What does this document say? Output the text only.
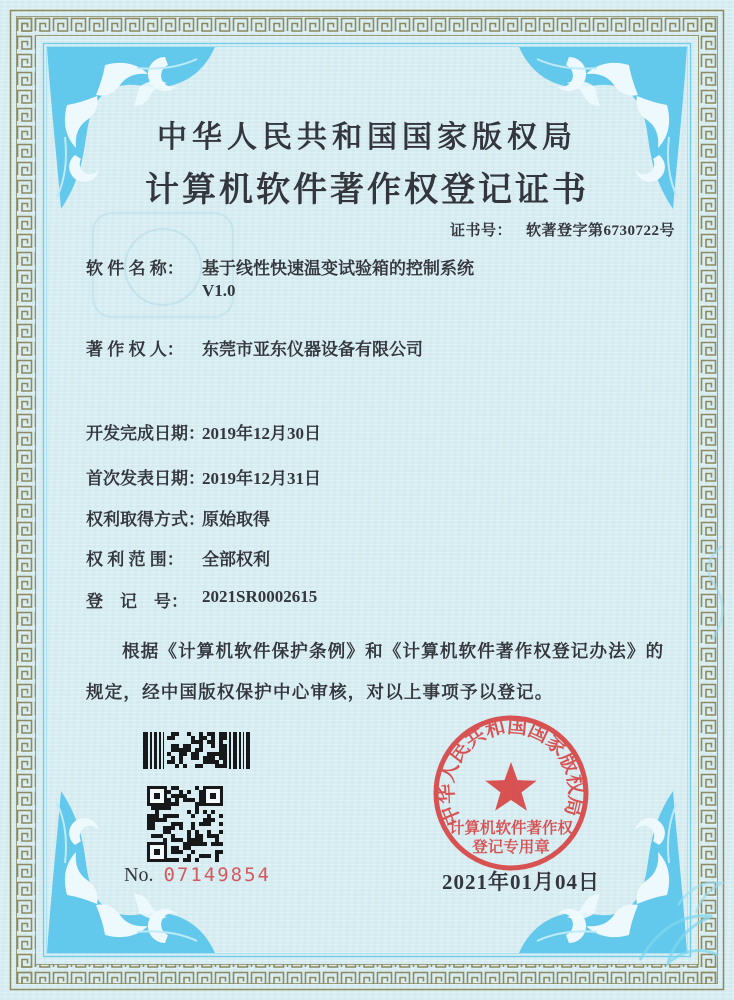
中华人民共和国国家版权局
计算机软件著作权登记证书
证书号： 软著登字第6730722号
软 件 名 称： 基于线性快速温变试验箱的控制系统
V1.0
著 作 权 人： 东莞市亚东仪器设备有限公司
开发完成日期：
2019年12月30日
首次发表日期：
2019年12月31日
权利取得方式：
原始取得
权 利 范 围： 全部权利
登　记　号： 2021SR0002615
根据《计算机软件保护条例》和《计算机软件著作权登记办法》的
规定，经中国版权保护中心审核，对以上事项予以登记。
No. 07149854
中华人民共和国国家版权局
计算机软件著作权
登记专用章
2021年01月04日
